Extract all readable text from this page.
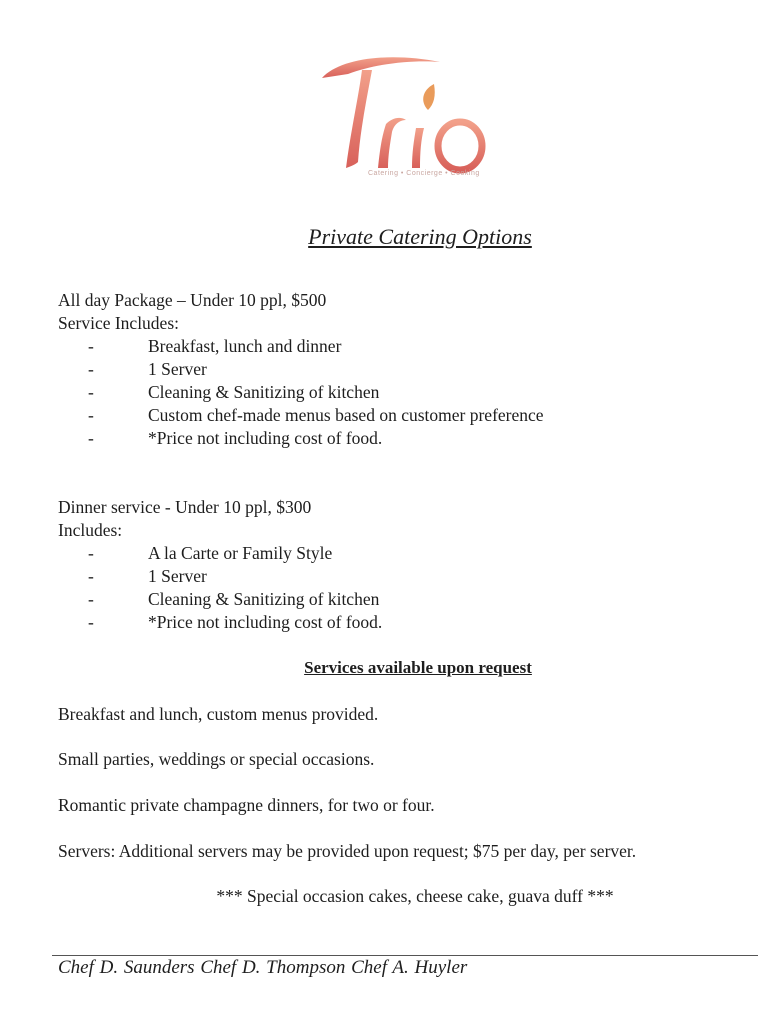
Catering • Concierge • Cooking
Private Catering Options
All day Package – Under 10 ppl, $500
Service Includes:
-	Breakfast, lunch and dinner
-	1 Server
-	Cleaning & Sanitizing of kitchen
-	Custom chef-made menus based on customer preference
-	*Price not including cost of food.
Dinner service - Under 10 ppl, $300
Includes:
-	A la Carte or Family Style
-	1 Server
-	Cleaning & Sanitizing of kitchen
-	*Price not including cost of food.
Services available upon request
Breakfast and lunch, custom menus provided.
Small parties, weddings or special occasions.
Romantic private champagne dinners, for two or four.
Servers: Additional servers may be provided upon request; $75 per day, per server.
*** Special occasion cakes, cheese cake, guava duff ***
Chef D. Saunders Chef D. Thompson Chef A. Huyler
